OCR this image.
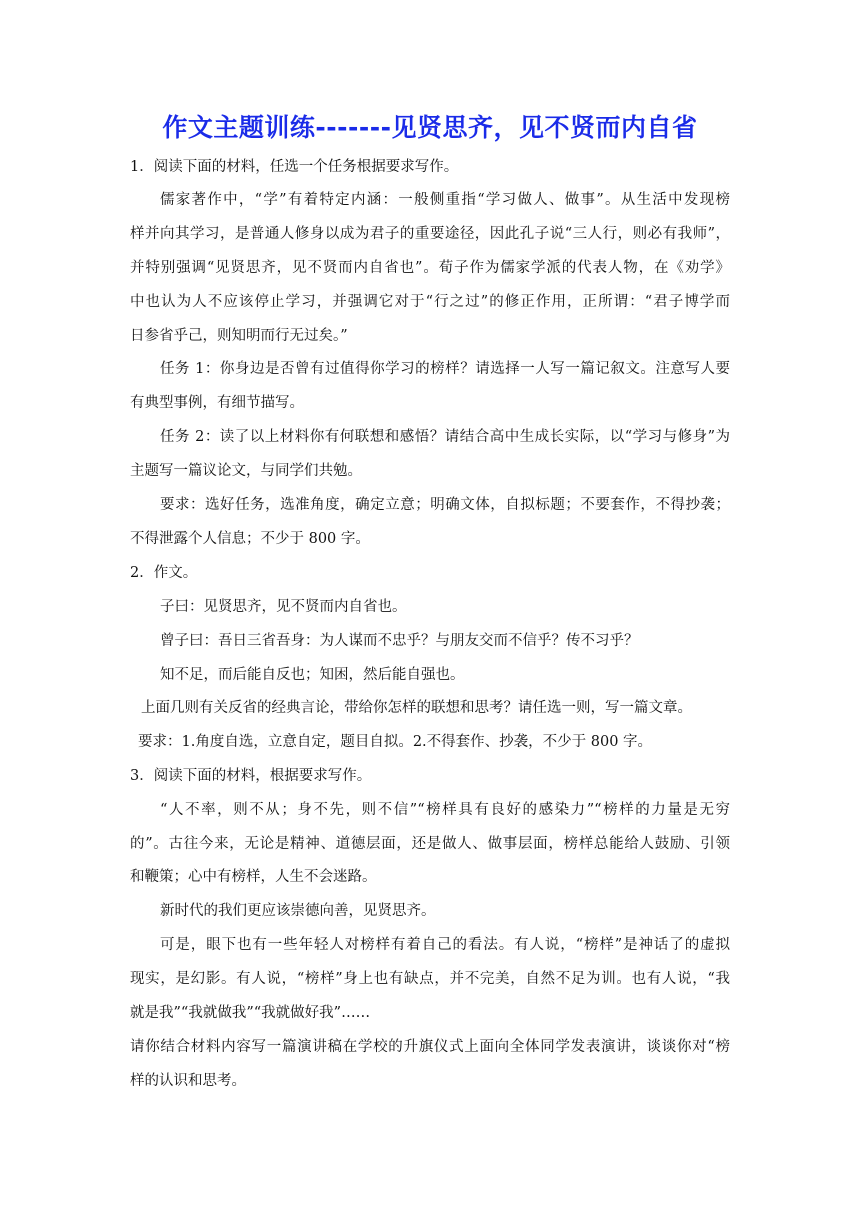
作文主题训练-------见贤思齐，见不贤而内自省
1．阅读下面的材料，任选一个任务根据要求写作。
儒家著作中，“学”有着特定内涵：一般侧重指“学习做人、做事”。从生活中发现榜
样并向其学习，是普通人修身以成为君子的重要途径，因此孔子说“三人行，则必有我师”，
并特别强调“见贤思齐，见不贤而内自省也”。荀子作为儒家学派的代表人物，在《劝学》
中也认为人不应该停止学习，并强调它对于“行之过”的修正作用，正所谓：“君子博学而
日参省乎己，则知明而行无过矣。”
任务 1：你身边是否曾有过值得你学习的榜样？请选择一人写一篇记叙文。注意写人要
有典型事例，有细节描写。
任务 2：读了以上材料你有何联想和感悟？请结合高中生成长实际，以“学习与修身”为
主题写一篇议论文，与同学们共勉。
要求：选好任务，选准角度，确定立意；明确文体，自拟标题；不要套作，不得抄袭；
不得泄露个人信息；不少于 800 字。
2．作文。
子曰：见贤思齐，见不贤而内自省也。
曾子曰：吾日三省吾身：为人谋而不忠乎？与朋友交而不信乎？传不习乎？
知不足，而后能自反也；知困，然后能自强也。
上面几则有关反省的经典言论，带给你怎样的联想和思考？请任选一则，写一篇文章。
要求：1.角度自选，立意自定，题目自拟。2.不得套作、抄袭，不少于 800 字。
3．阅读下面的材料，根据要求写作。
“人不率，则不从；身不先，则不信”“榜样具有良好的感染力”“榜样的力量是无穷
的”。古往今来，无论是精神、道德层面，还是做人、做事层面，榜样总能给人鼓励、引领
和鞭策；心中有榜样，人生不会迷路。
新时代的我们更应该崇德向善，见贤思齐。
可是，眼下也有一些年轻人对榜样有着自己的看法。有人说，“榜样”是神话了的虚拟
现实，是幻影。有人说，“榜样”身上也有缺点，并不完美，自然不足为训。也有人说，“我
就是我”“我就做我”“我就做好我”……
请你结合材料内容写一篇演讲稿在学校的升旗仪式上面向全体同学发表演讲，谈谈你对“榜
样的认识和思考。
